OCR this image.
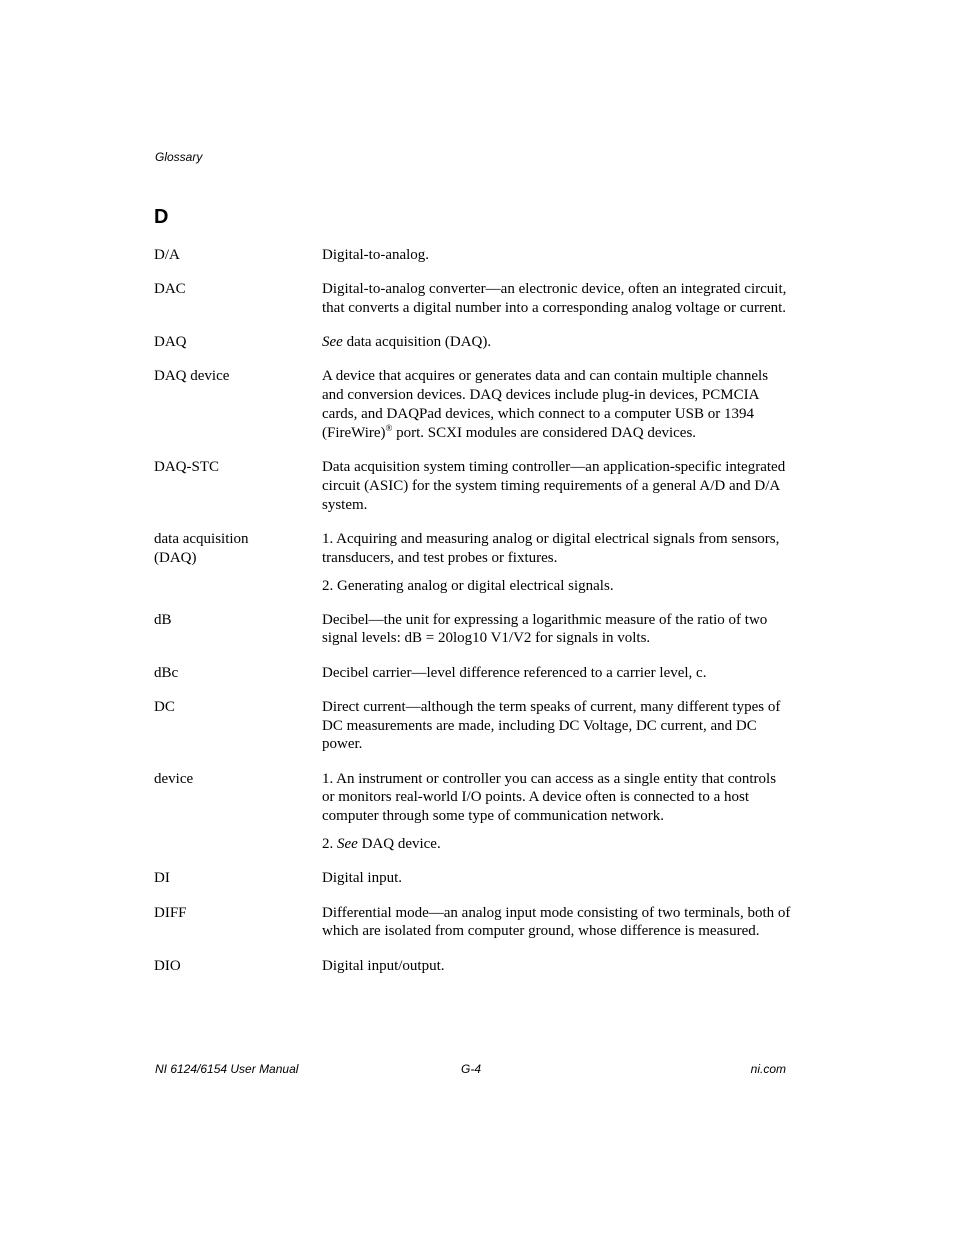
Glossary
D
D/A	Digital-to-analog.

DAC	Digital-to-analog converter—an electronic device, often an integrated circuit, that converts a digital number into a corresponding analog voltage or current.

DAQ	See data acquisition (DAQ).

DAQ device	A device that acquires or generates data and can contain multiple channels and conversion devices. DAQ devices include plug-in devices, PCMCIA cards, and DAQPad devices, which connect to a computer USB or 1394 (FireWire)® port. SCXI modules are considered DAQ devices.

DAQ-STC	Data acquisition system timing controller—an application-specific integrated circuit (ASIC) for the system timing requirements of a general A/D and D/A system.

data acquisition (DAQ)

1. Acquiring and measuring analog or digital electrical signals from sensors, transducers, and test probes or fixtures.

2. Generating analog or digital electrical signals.

dB	Decibel—the unit for expressing a logarithmic measure of the ratio of two signal levels: dB = 20log10 V1/V2 for signals in volts.

dBc	Decibel carrier—level difference referenced to a carrier level, c.

DC	Direct current—although the term speaks of current, many different types of DC measurements are made, including DC Voltage, DC current, and DC power.

device	1. An instrument or controller you can access as a single entity that controls or monitors real-world I/O points. A device often is connected to a host computer through some type of communication network.

2. See DAQ device.

DI	Digital input.

DIFF	Differential mode—an analog input mode consisting of two terminals, both of which are isolated from computer ground, whose difference is measured.

DIO	Digital input/output.

NI 6124/6154 User Manual	G-4	ni.com
